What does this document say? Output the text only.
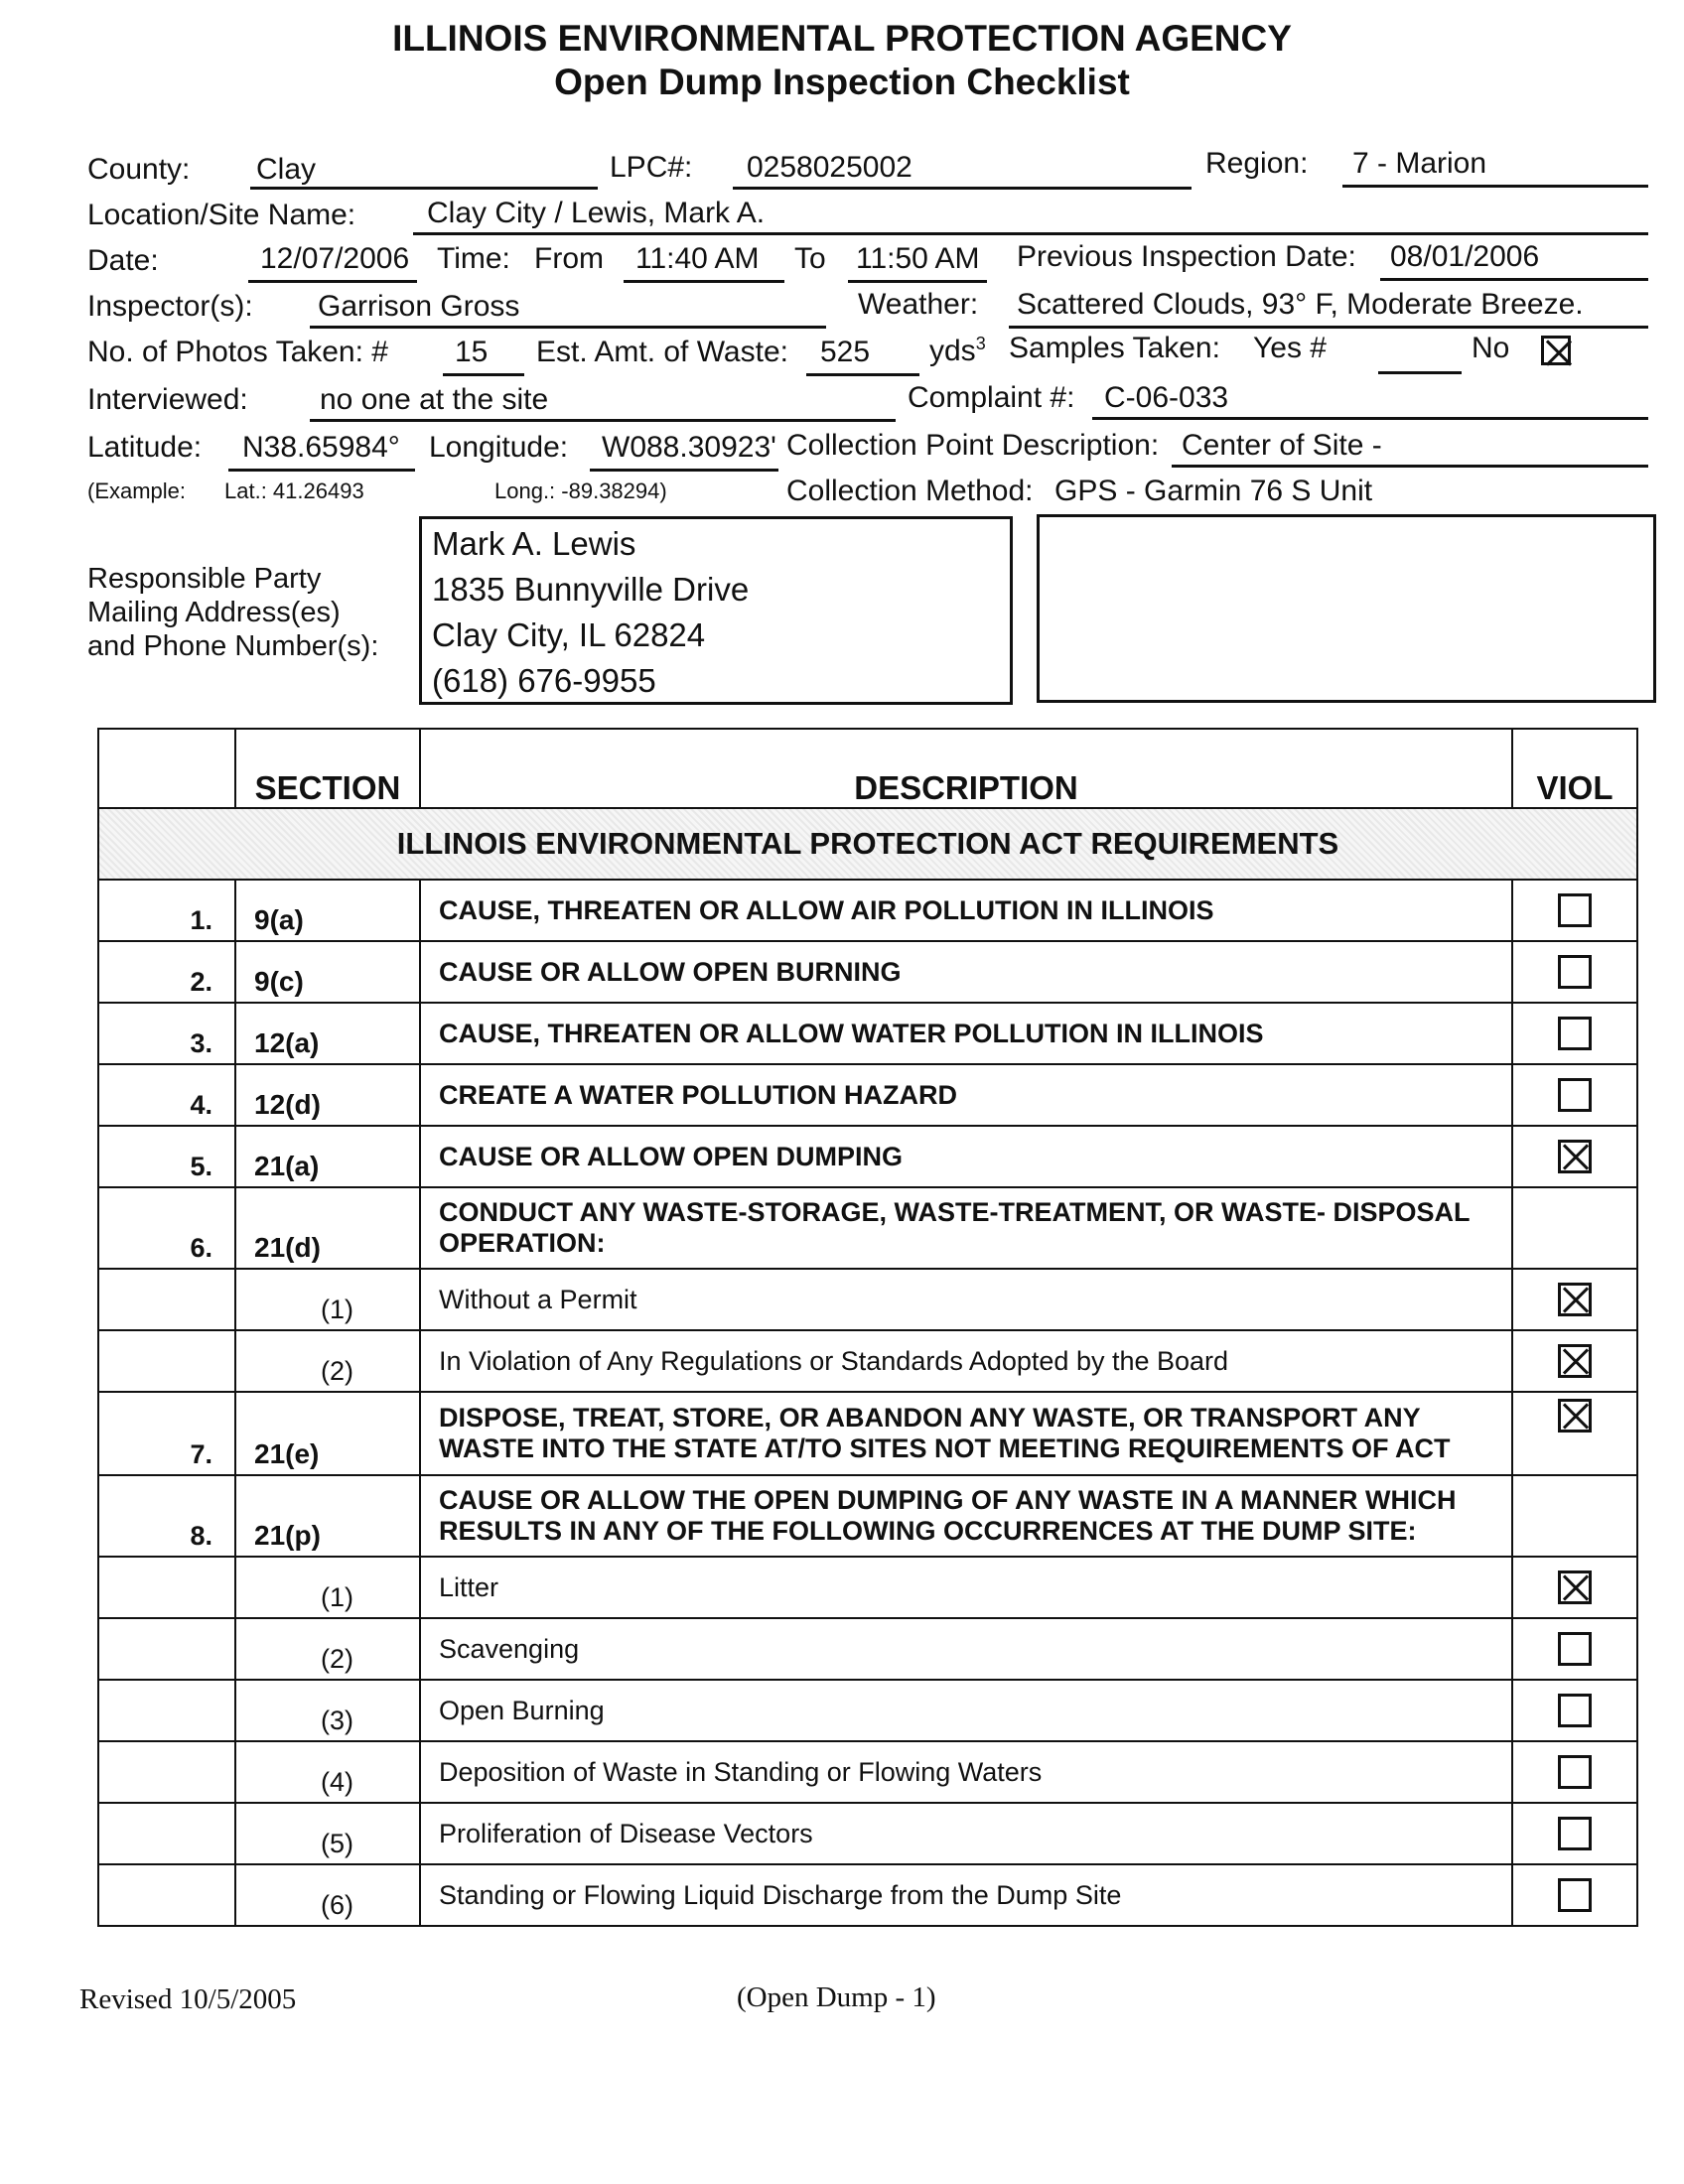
ILLINOIS ENVIRONMENTAL PROTECTION AGENCY
Open Dump Inspection Checklist
County: Clay	LPC#: 0258025002	Region: 7 - Marion
Location/Site Name: Clay City / Lewis, Mark A.
Date:	12/07/2006 Time: From 11:40 AM To 11:50 AM Previous Inspection Date: 08/01/2006
Inspector(s): Garrison Gross	Weather: Scattered Clouds, 93° F, Moderate Breeze.
No. of Photos Taken: # 15 Est. Amt. of Waste: 525 yds$^3$ Samples Taken: Yes #	No
Interviewed: no one at the site	Complaint #: C-06-033
Latitude: N38.65984° Longitude: W088.30923' Collection Point Description: Center of Site -
(Example: Lat.: 41.26493	Long.: -89.38294)	Collection Method: GPS - Garmin 76 S Unit
Responsible Party
Mailing Address(es)
and Phone Number(s):
Mark A. Lewis
1835 Bunnyville Drive
Clay City, IL 62824
(618) 676-9955
	SECTION	DESCRIPTION	VIOL
ILLINOIS ENVIRONMENTAL PROTECTION ACT REQUIREMENTS			
1.	9(a)	CAUSE, THREATEN OR ALLOW AIR POLLUTION IN ILLINOIS	
2.	9(c)	CAUSE OR ALLOW OPEN BURNING	
3.	12(a)	CAUSE, THREATEN OR ALLOW WATER POLLUTION IN ILLINOIS	
4.	12(d)	CREATE A WATER POLLUTION HAZARD	
5.	21(a)	CAUSE OR ALLOW OPEN DUMPING	
6.	21(d)	CONDUCT ANY WASTE-STORAGE, WASTE-TREATMENT, OR WASTE- DISPOSAL OPERATION:	
	(1)	Without a Permit	
	(2)	In Violation of Any Regulations or Standards Adopted by the Board	
7.	21(e)	DISPOSE, TREAT, STORE, OR ABANDON ANY WASTE, OR TRANSPORT ANY WASTE INTO THE STATE AT/TO SITES NOT MEETING REQUIREMENTS OF ACT	
8.	21(p)	CAUSE OR ALLOW THE OPEN DUMPING OF ANY WASTE IN A MANNER WHICH RESULTS IN ANY OF THE FOLLOWING OCCURRENCES AT THE DUMP SITE:	
	(1)	Litter	
	(2)	Scavenging	
	(3)	Open Burning	
	(4)	Deposition of Waste in Standing or Flowing Waters	
	(5)	Proliferation of Disease Vectors	
	(6)	Standing or Flowing Liquid Discharge from the Dump Site	
Revised 10/5/2005	(Open Dump - 1)
